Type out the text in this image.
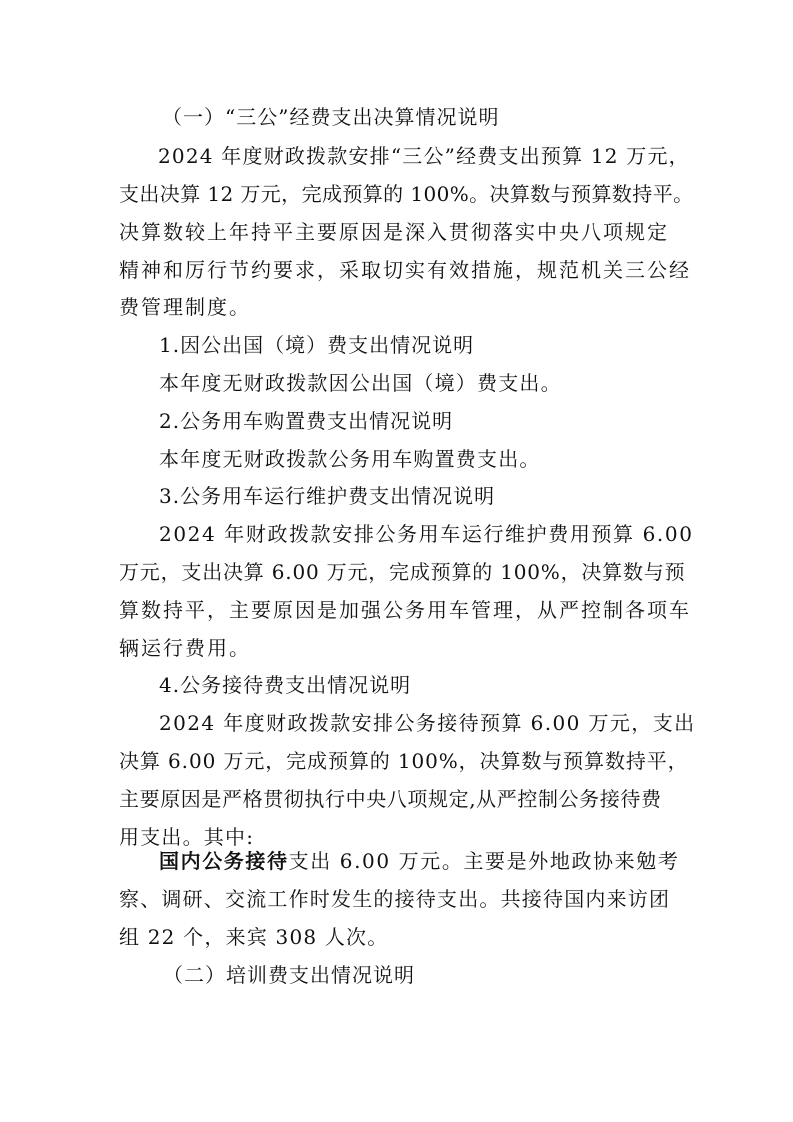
（一）“三公”经费支出决算情况说明
2024 年度财政拨款安排“三公”经费支出预算 12 万元，
支出决算 12 万元，完成预算的 100%。决算数与预算数持平。
决算数较上年持平主要原因是深入贯彻落实中央八项规定
精神和厉行节约要求，采取切实有效措施，规范机关三公经
费管理制度。
1.因公出国（境）费支出情况说明
本年度无财政拨款因公出国（境）费支出。
2.公务用车购置费支出情况说明
本年度无财政拨款公务用车购置费支出。
3.公务用车运行维护费支出情况说明
2024 年财政拨款安排公务用车运行维护费用预算 6.00
万元，支出决算 6.00 万元，完成预算的 100%，决算数与预
算数持平，主要原因是加强公务用车管理，从严控制各项车
辆运行费用。
4.公务接待费支出情况说明
2024 年度财政拨款安排公务接待预算 6.00 万元，支出
决算 6.00 万元，完成预算的 100%，决算数与预算数持平，
主要原因是严格贯彻执行中央八项规定,从严控制公务接待费
用支出。其中:
国内公务接待支出 6.00 万元。主要是外地政协来勉考
察、调研、交流工作时发生的接待支出。共接待国内来访团
组 22 个，来宾 308 人次。
（二）培训费支出情况说明
